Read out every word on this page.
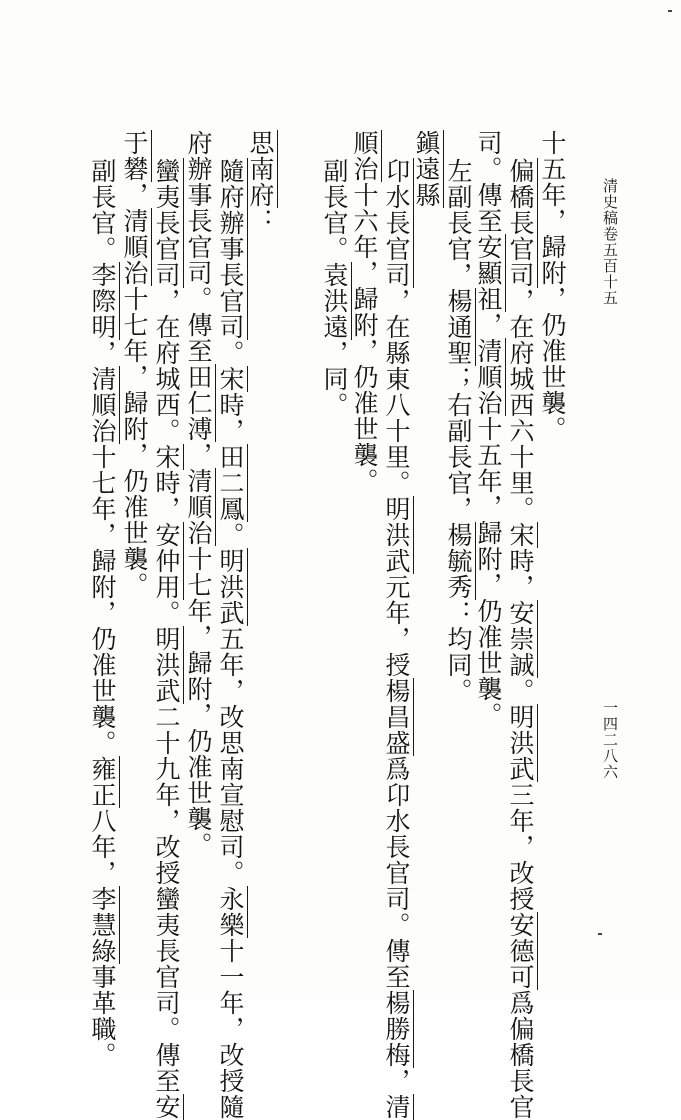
清史稿卷五百十五
一四二八六
十五年，歸附，仍准世襲。
偏橋長官司，在府城西六十里。宋時，安崇誠。明洪武三年，改授安德可爲偏橋長官
司。傳至安顯祖，清順治十五年，歸附，仍准世襲。
左副長官，楊通聖；右副長官，楊毓秀：均同。
鎭遠縣
卬水長官司，在縣東八十里。明洪武元年，授楊昌盛爲卬水長官司。傳至楊勝梅，清
順治十六年，歸附，仍准世襲。
副長官。袁洪遠，同。
思南府：
隨府辦事長官司。宋時，田二鳳。明洪武五年，改思南宣慰司。永樂十一年，改授隨
府辦事長官司。傳至田仁溥，清順治十七年，歸附，仍准世襲。
蠻夷長官司，在府城西。宋時，安仲用。明洪武二十九年，改授蠻夷長官司。傳至安
于礬，清順治十七年，歸附，仍准世襲。
副長官。李際明，清順治十七年，歸附，仍准世襲。雍正八年，李慧綠事革職。
